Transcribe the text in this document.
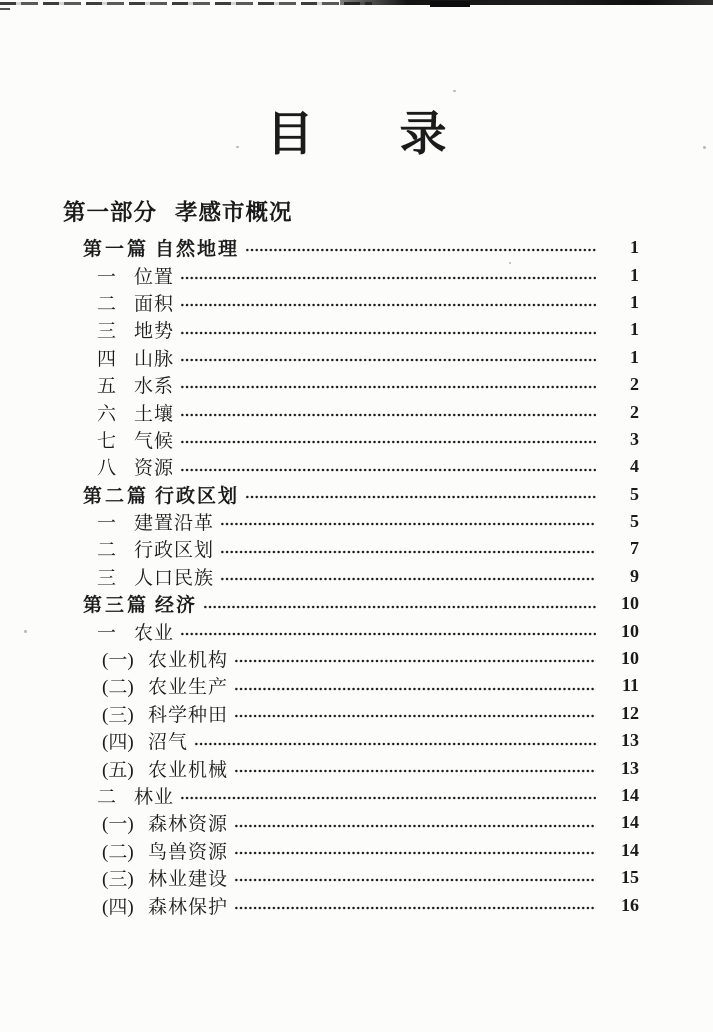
目 录
第一部分 孝感市概况
第一篇 自然地理	1
一 位置	1
二 面积	1
三 地势	1
四 山脉	1
五 水系	2
六 土壤	2
七 气候	3
八 资源	4
第二篇 行政区划	5
一 建置沿革	5
二 行政区划	7
三 人口民族	9
第三篇 经济	10
一 农业	10
(一) 农业机构	10
(二) 农业生产	11
(三) 科学种田	12
(四) 沼气	13
(五) 农业机械	13
二 林业	14
(一) 森林资源	14
(二) 鸟兽资源	14
(三) 林业建设	15
(四) 森林保护	16
